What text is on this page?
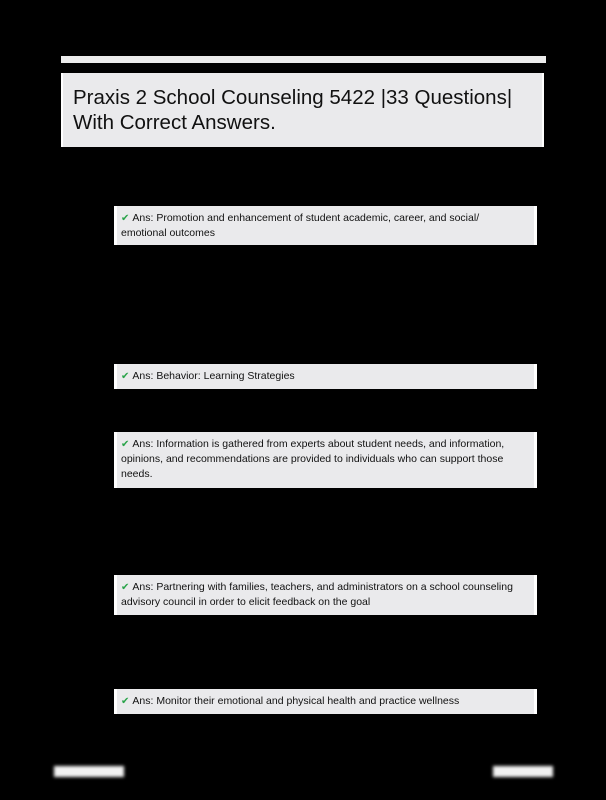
Praxis 2 School Counseling 5422 |33 Questions|
With Correct Answers.
✔ Ans: Promotion and enhancement of student academic, career, and social/ emotional outcomes
✔ Ans: Behavior: Learning Strategies
✔ Ans: Information is gathered from experts about student needs, and information, opinions, and recommendations are provided to individuals who can support those needs.
✔ Ans: Partnering with families, teachers, and administrators on a school counseling advisory council in order to elicit feedback on the goal
✔ Ans: Monitor their emotional and physical health and practice wellness
